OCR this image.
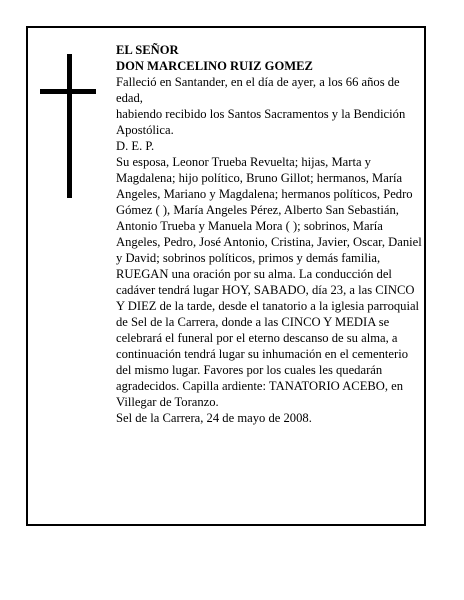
EL SEÑOR

DON MARCELINO RUIZ GOMEZ

Falleció en Santander, en el día de ayer, a los 66 años de edad,

habiendo recibido los Santos Sacramentos y la Bendición Apostólica.

D. E. P.

Su esposa, Leonor Trueba Revuelta; hijas, Marta y Magdalena; hijo político, Bruno Gillot; hermanos, María Angeles, Mariano y Magdalena; hermanos políticos, Pedro Gómez ( ), María Angeles Pérez, Alberto San Sebastián, Antonio Trueba y Manuela Mora ( ); sobrinos, María Angeles, Pedro, José Antonio, Cristina, Javier, Oscar, Daniel y David; sobrinos políticos, primos y demás familia,

RUEGAN una oración por su alma. La conducción del cadáver tendrá lugar HOY, SABADO, día 23, a las CINCO Y DIEZ de la tarde, desde el tanatorio a la iglesia parroquial de Sel de la Carrera, donde a las CINCO Y MEDIA se celebrará el funeral por el eterno descanso de su alma, a continuación tendrá lugar su inhumación en el cementerio del mismo lugar. Favores por los cuales les quedarán agradecidos. Capilla ardiente: TANATORIO ACEBO, en Villegar de Toranzo.

Sel de la Carrera, 24 de mayo de 2008.
